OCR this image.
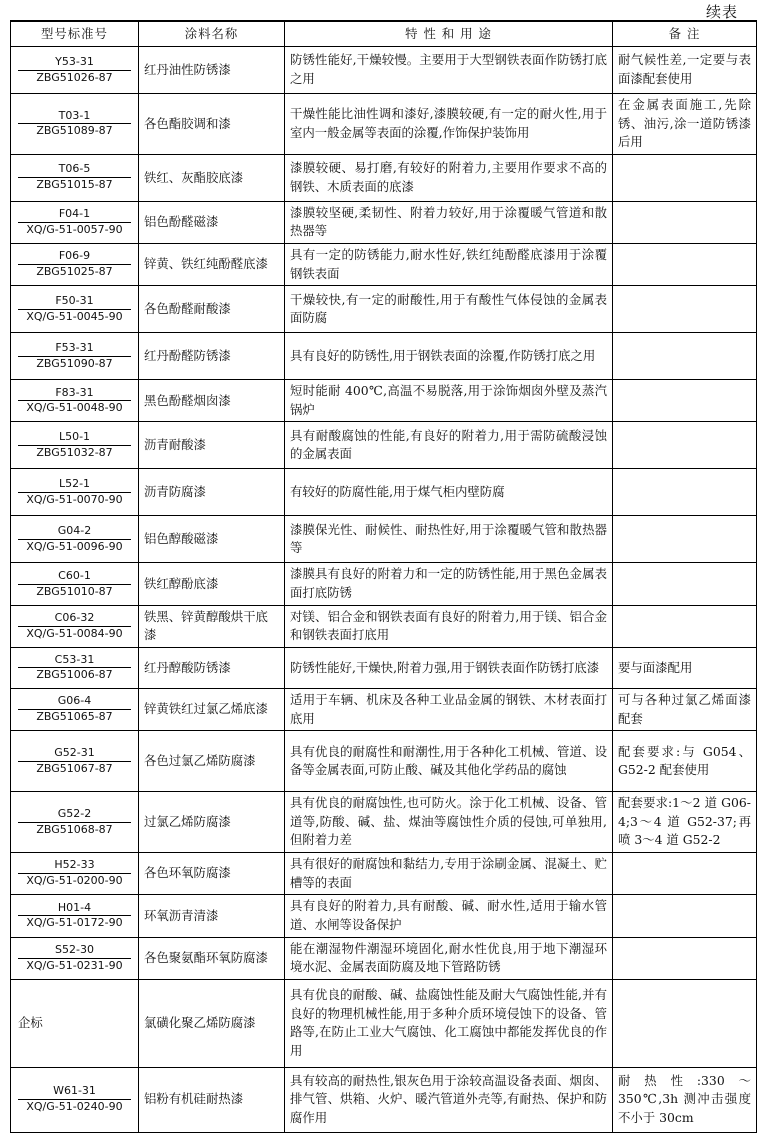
续表
型号标准号	涂料名称	特 性 和 用 途	备 注

Y53-31
ZBG51026-87	红丹油性防锈漆	防锈性能好,干燥较慢。主要用于大型钢铁表面作防锈打底之用	耐气候性差,一定要与表面漆配套使用

T03-1
ZBG51089-87	各色酯胶调和漆	干燥性能比油性调和漆好,漆膜较硬,有一定的耐火性,用于室内一般金属等表面的涂覆,作饰保护装饰用	在金属表面施工,先除锈、油污,涂一道防锈漆后用

T06-5
ZBG51015-87	铁红、灰酯胶底漆	漆膜较硬、易打磨,有较好的附着力,主要用作要求不高的钢铁、木质表面的底漆	

F04-1
XQ/G-51-0057-90	铝色酚醛磁漆	漆膜较坚硬,柔韧性、附着力较好,用于涂覆暖气管道和散热器等	

F06-9
ZBG51025-87	锌黄、铁红纯酚醛底漆	具有一定的防锈能力,耐水性好,铁红纯酚醛底漆用于涂覆钢铁表面	

F50-31
XQ/G-51-0045-90	各色酚醛耐酸漆	干燥较快,有一定的耐酸性,用于有酸性气体侵蚀的金属表面防腐	

F53-31
ZBG51090-87	红丹酚醛防锈漆	具有良好的防锈性,用于钢铁表面的涂覆,作防锈打底之用	

F83-31
XQ/G-51-0048-90	黑色酚醛烟囱漆	短时能耐 400℃,高温不易脱落,用于涂饰烟囱外壁及蒸汽锅炉	

L50-1
ZBG51032-87	沥青耐酸漆	具有耐酸腐蚀的性能,有良好的附着力,用于需防硫酸浸蚀的金属表面	

L52-1
XQ/G-51-0070-90	沥青防腐漆	有较好的防腐性能,用于煤气柜内壁防腐	

G04-2
XQ/G-51-0096-90	铝色醇酸磁漆	漆膜保光性、耐候性、耐热性好,用于涂覆暖气管和散热器等	

C60-1
ZBG51010-87	铁红醇酚底漆	漆膜具有良好的附着力和一定的防锈性能,用于黑色金属表面打底防锈	

C06-32
XQ/G-51-0084-90	铁黑、锌黄醇酸烘干底漆	对镁、铝合金和钢铁表面有良好的附着力,用于镁、铝合金和钢铁表面打底用	

C53-31
ZBG51006-87	红丹醇酸防锈漆	防锈性能好,干燥快,附着力强,用于钢铁表面作防锈打底漆	要与面漆配用

G06-4
ZBG51065-87	锌黄铁红过氯乙烯底漆	适用于车辆、机床及各种工业品金属的钢铁、木材表面打底用	可与各种过氯乙烯面漆配套

G52-31
ZBG51067-87	各色过氯乙烯防腐漆	具有优良的耐腐性和耐潮性,用于各种化工机械、管道、设备等金属表面,可防止酸、碱及其他化学药品的腐蚀	配套要求:与 G054、G52-2 配套使用

G52-2
ZBG51068-87	过氯乙烯防腐漆	具有优良的耐腐蚀性,也可防火。涂于化工机械、设备、管道等,防酸、碱、盐、煤油等腐蚀性介质的侵蚀,可单独用,但附着力差	配套要求:1～2 道 G06-4;3～4 道 G52-37;再喷 3～4 道 G52-2

H52-33
XQ/G-51-0200-90	各色环氧防腐漆	具有很好的耐腐蚀和黏结力,专用于涂刷金属、混凝土、贮槽等的表面	

H01-4
XQ/G-51-0172-90	环氧沥青清漆	具有良好的附着力,具有耐酸、碱、耐水性,适用于输水管道、水闸等设备保护	

S52-30
XQ/G-51-0231-90	各色聚氨酯环氧防腐漆	能在潮湿物件潮湿环境固化,耐水性优良,用于地下潮湿环境水泥、金属表面防腐及地下管路防锈	

企标	氯磺化聚乙烯防腐漆	具有优良的耐酸、碱、盐腐蚀性能及耐大气腐蚀性能,并有良好的物理机械性能,用于多种介质环境侵蚀下的设备、管路等,在防止工业大气腐蚀、化工腐蚀中都能发挥优良的作用	

W61-31
XQ/G-51-0240-90	铝粉有机硅耐热漆	具有较高的耐热性,银灰色用于涂较高温设备表面、烟囱、排气管、烘箱、火炉、暖汽管道外壳等,有耐热、保护和防腐作用	耐热性:330～350℃,3h 测冲击强度不小于 30cm
